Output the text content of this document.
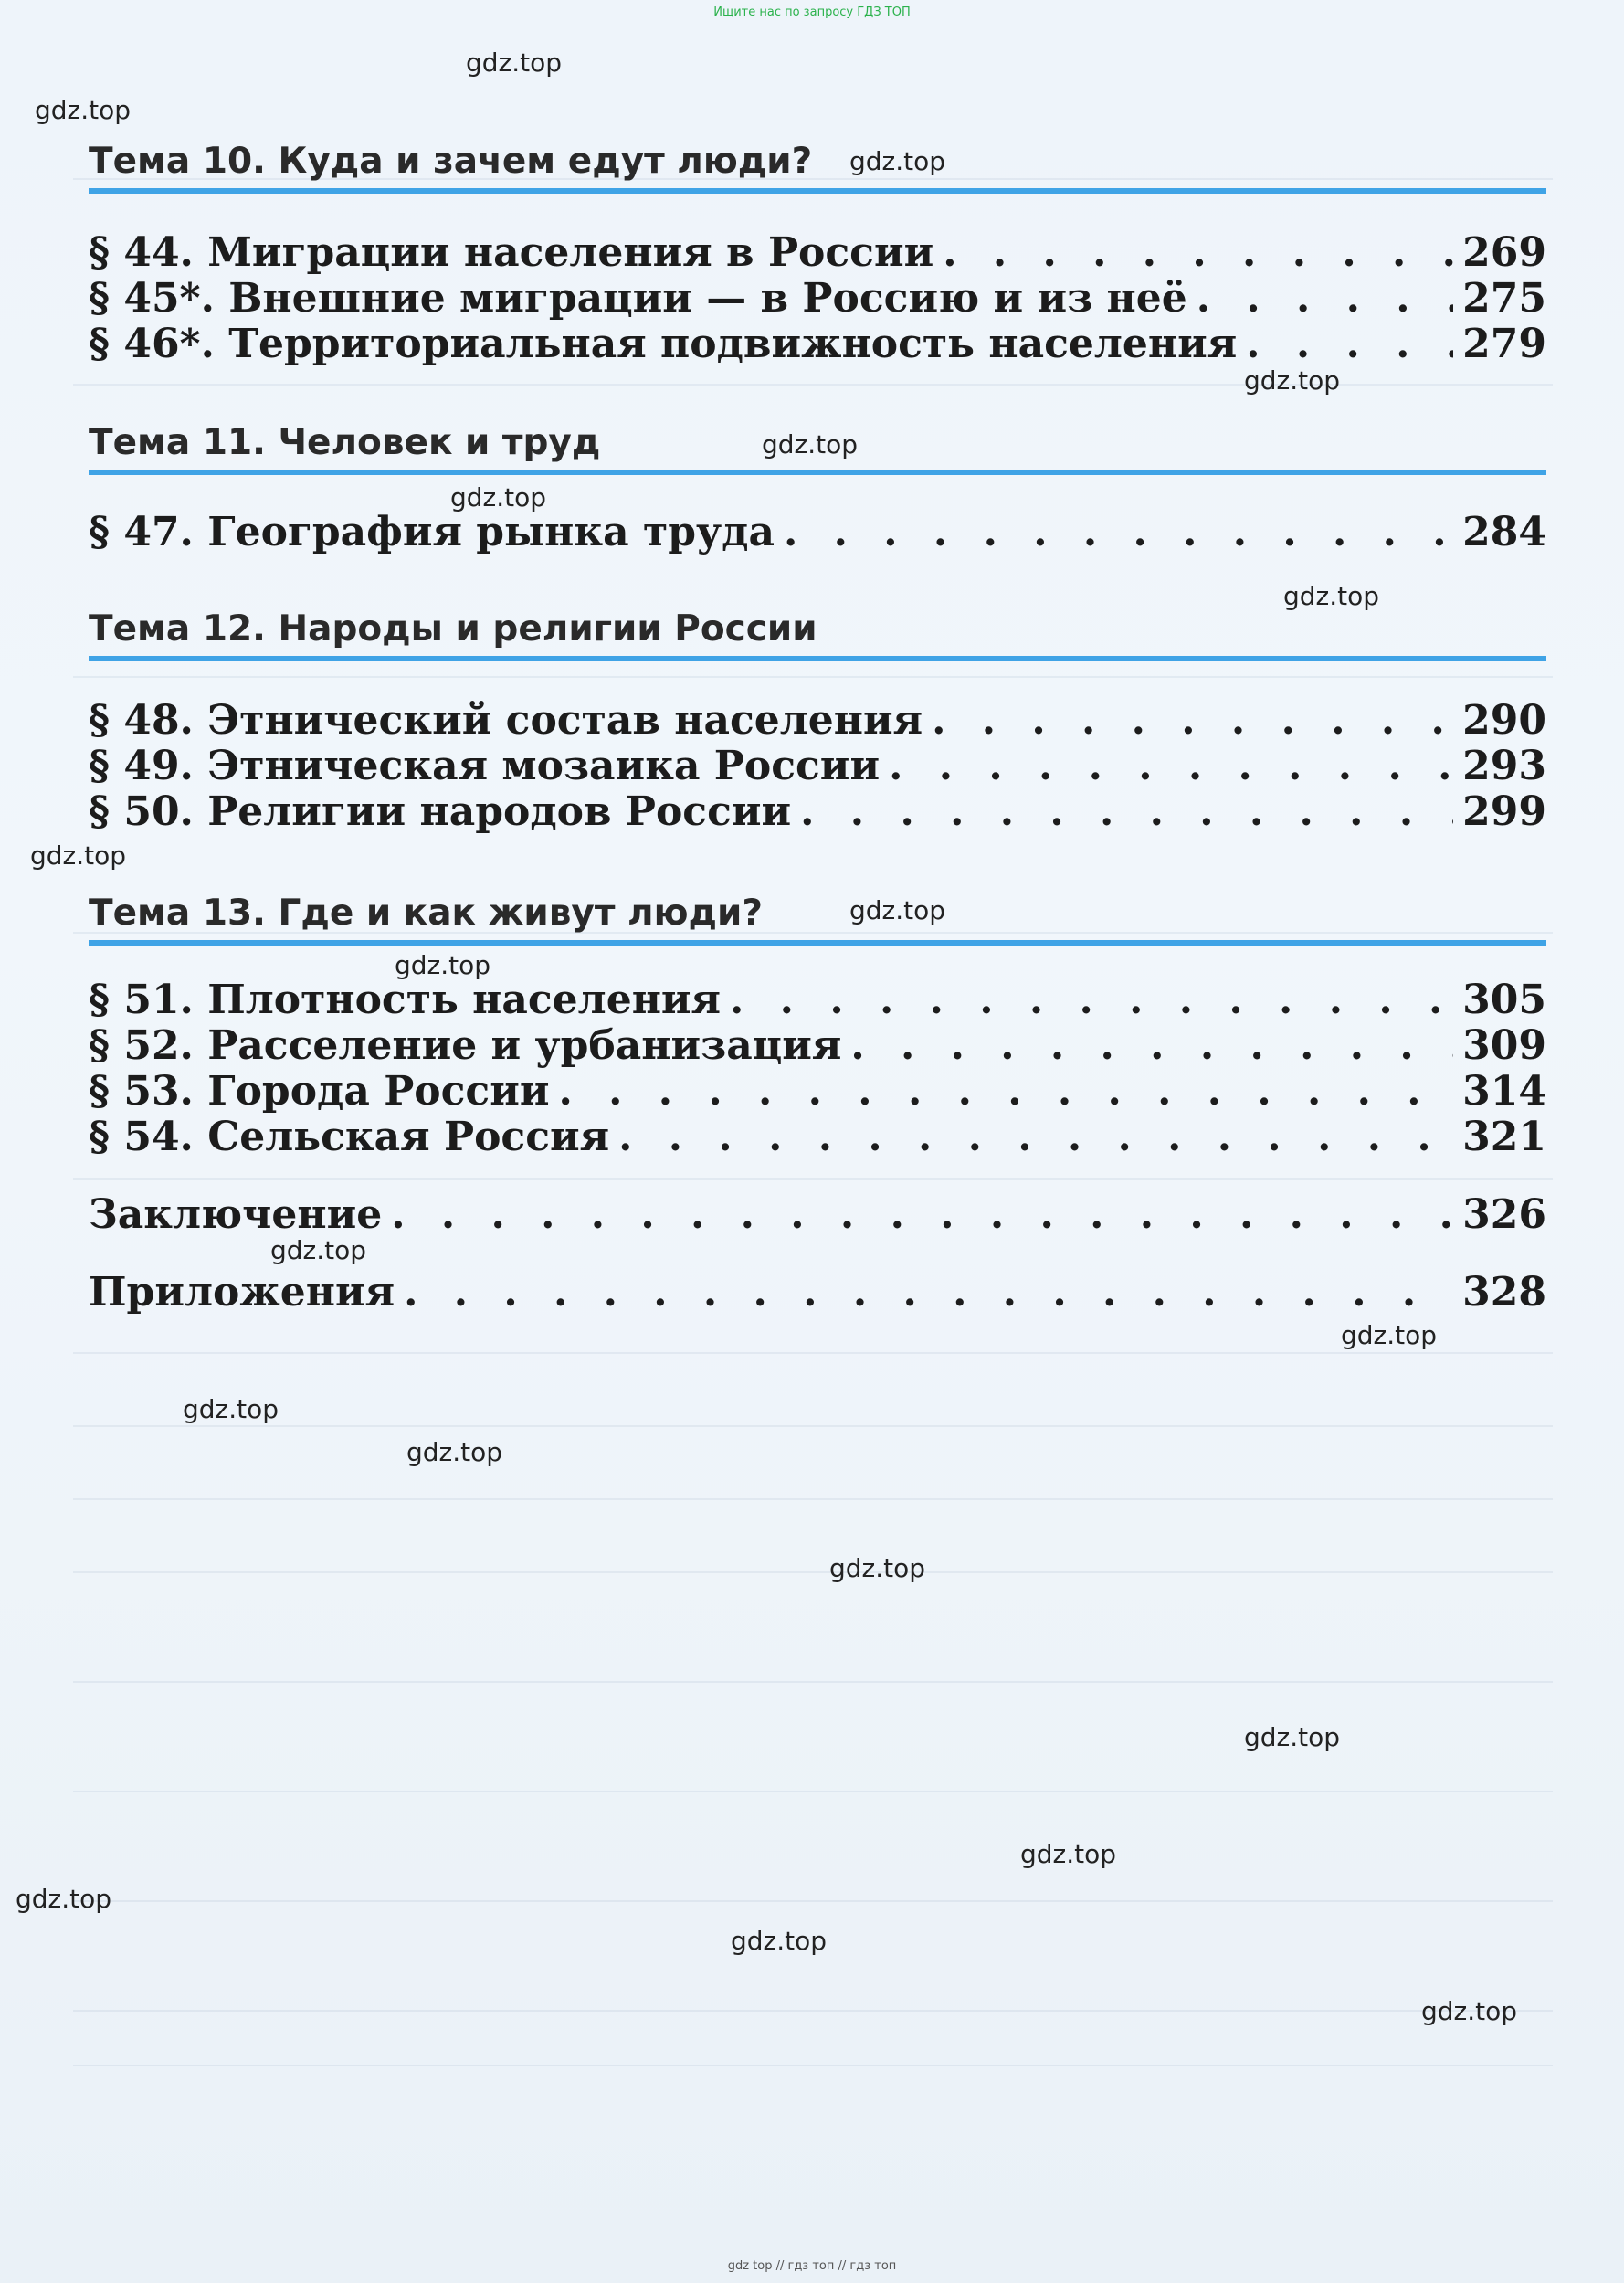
Ищите нас по запросу ГДЗ ТОП
Тема 10. Куда и зачем едут люди?
§ 44. Миграции населения в России . . .	269
§ 45*. Внешние миграции — в Россию и из неё . . .	275
§ 46*. Территориальная подвижность населения . . .	279
Тема 11. Человек и труд
§ 47. География рынка труда . . .	284
Тема 12. Народы и религии России
§ 48. Этнический состав населения . . .	290
§ 49. Этническая мозаика России . . .	293
§ 50. Религии народов России . . .	299
Тема 13. Где и как живут люди?
§ 51. Плотность населения . . .	305
§ 52. Расселение и урбанизация . . .	309
§ 53. Города России . . .	314
§ 54. Сельская Россия . . .	321
Заключение . . .	326
Приложения . . .	328
gdz.top
gdz.top
gdz.top
gdz.top
gdz.top
gdz.top
gdz.top
gdz.top
gdz.top
gdz.top
gdz.top
gdz.top
gdz.top
gdz.top
gdz.top
gdz.top
gdz.top
gdz.top
gdz.top
gdz.top
gdz top // гдз топ // гдз топ
